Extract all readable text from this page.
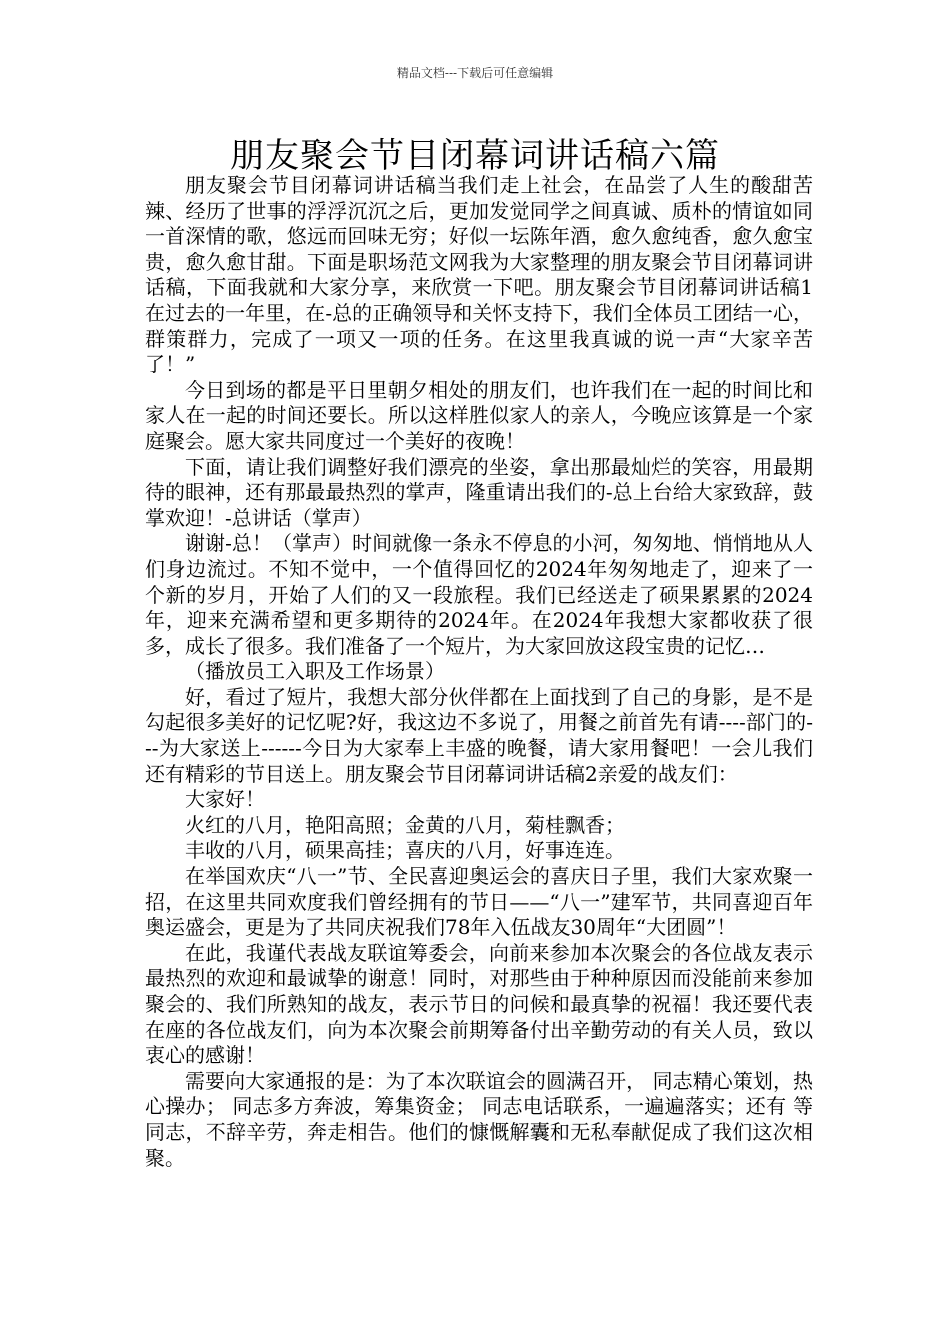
精品文档---下载后可任意编辑
朋友聚会节目闭幕词讲话稿六篇

朋友聚会节目闭幕词讲话稿当我们走上社会，在品尝了人生的酸甜苦辣、经历了世事的浮浮沉沉之后，更加发觉同学之间真诚、质朴的情谊如同一首深情的歌，悠远而回味无穷；好似一坛陈年酒，愈久愈纯香，愈久愈宝贵，愈久愈甘甜。下面是职场范文网我为大家整理的朋友聚会节目闭幕词讲话稿，下面我就和大家分享，来欣赏一下吧。朋友聚会节目闭幕词讲话稿1在过去的一年里，在-总的正确领导和关怀支持下，我们全体员工团结一心，群策群力，完成了一项又一项的任务。在这里我真诚的说一声“大家辛苦了！”

今日到场的都是平日里朝夕相处的朋友们，也许我们在一起的时间比和家人在一起的时间还要长。所以这样胜似家人的亲人，今晚应该算是一个家庭聚会。愿大家共同度过一个美好的夜晚！

下面，请让我们调整好我们漂亮的坐姿，拿出那最灿烂的笑容，用最期待的眼神，还有那最最热烈的掌声，隆重请出我们的-总上台给大家致辞，鼓掌欢迎！-总讲话（掌声）

谢谢-总！（掌声）时间就像一条永不停息的小河，匆匆地、悄悄地从人们身边流过。不知不觉中，一个值得回忆的2024年匆匆地走了，迎来了一个新的岁月，开始了人们的又一段旅程。我们已经送走了硕果累累的2024年，迎来充满希望和更多期待的2024年。在2024年我想大家都收获了很多，成长了很多。我们准备了一个短片，为大家回放这段宝贵的记忆…

（播放员工入职及工作场景）

好，看过了短片，我想大部分伙伴都在上面找到了自己的身影，是不是勾起很多美好的记忆呢?好，我这边不多说了，用餐之前首先有请----部门的---为大家送上------今日为大家奉上丰盛的晚餐，请大家用餐吧！一会儿我们还有精彩的节目送上。朋友聚会节目闭幕词讲话稿2亲爱的战友们：

大家好！

火红的八月，艳阳高照；金黄的八月，菊桂飘香；

丰收的八月，硕果高挂；喜庆的八月，好事连连。

在举国欢庆“八一”节、全民喜迎奥运会的喜庆日子里，我们大家欢聚一招，在这里共同欢度我们曾经拥有的节日——“八一”建军节，共同喜迎百年奥运盛会，更是为了共同庆祝我们78年入伍战友30周年“大团圆”！

在此，我谨代表战友联谊筹委会，向前来参加本次聚会的各位战友表示最热烈的欢迎和最诚挚的谢意！同时，对那些由于种种原因而没能前来参加聚会的、我们所熟知的战友，表示节日的问候和最真挚的祝福！我还要代表在座的各位战友们，向为本次聚会前期筹备付出辛勤劳动的有关人员，致以衷心的感谢！

需要向大家通报的是：为了本次联谊会的圆满召开， 同志精心策划，热心操办； 同志多方奔波，筹集资金； 同志电话联系，一遍遍落实；还有 等同志，不辞辛劳，奔走相告。他们的慷慨解囊和无私奉献促成了我们这次相聚。
